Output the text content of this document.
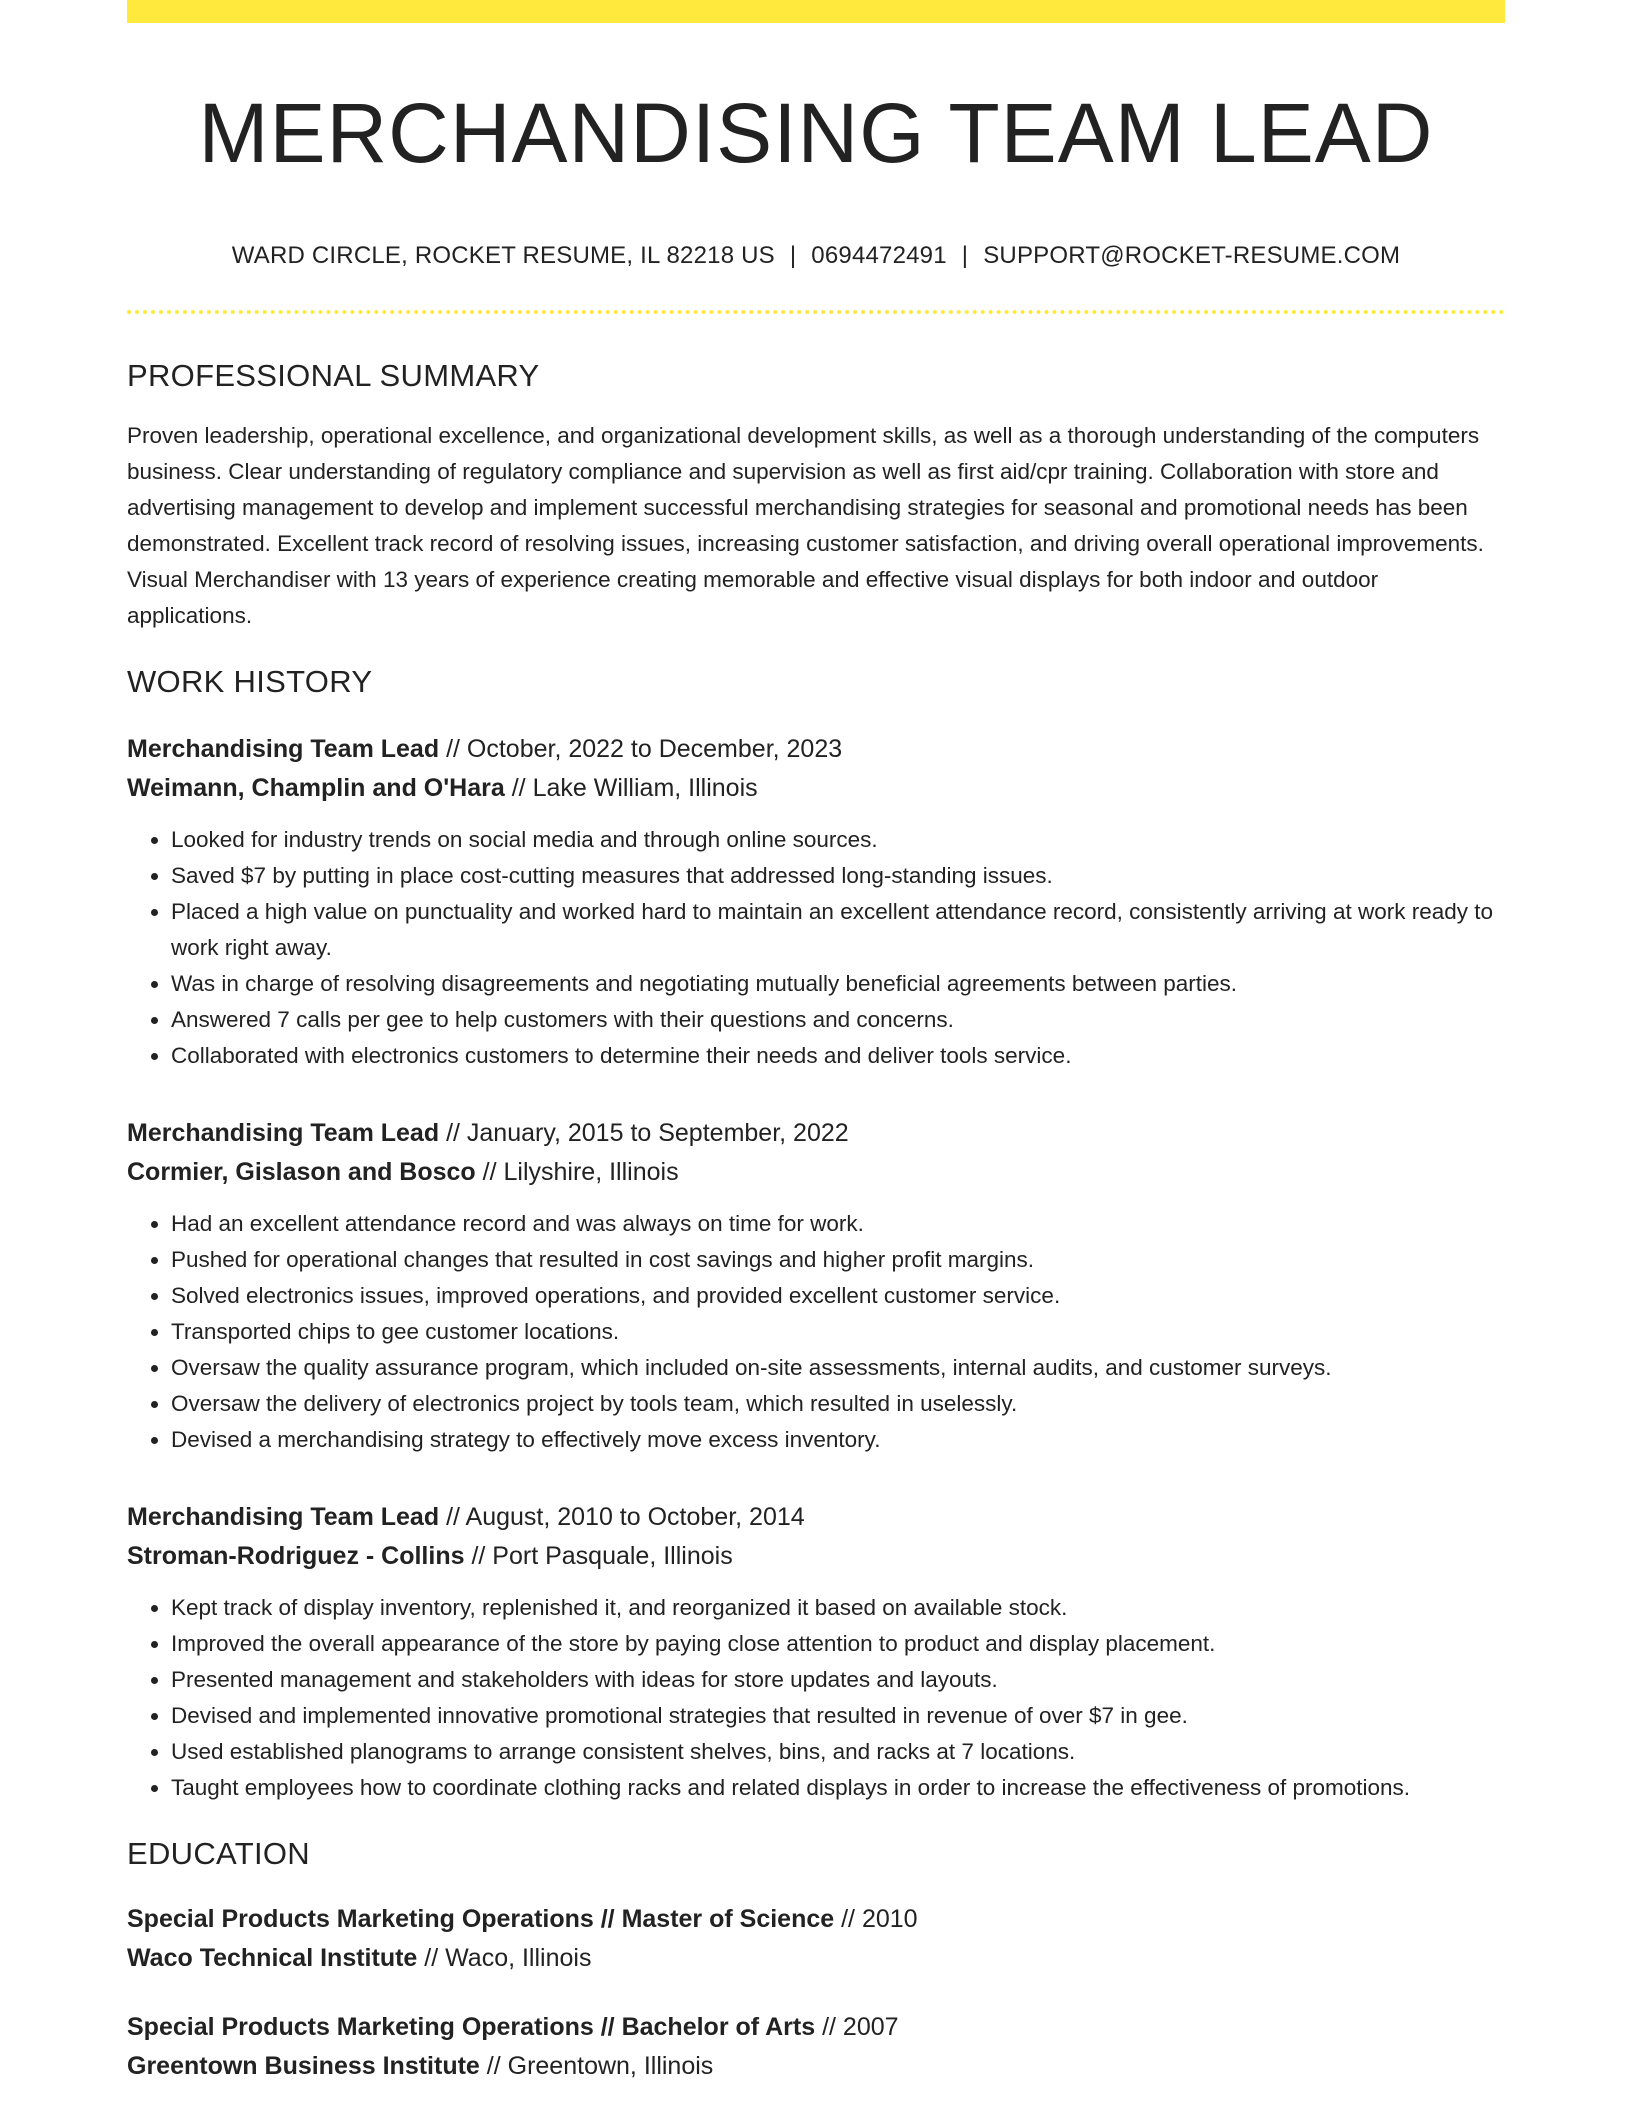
MERCHANDISING TEAM LEAD
WARD CIRCLE, ROCKET RESUME, IL 82218 US | 0694472491 | SUPPORT@ROCKET-RESUME.COM
PROFESSIONAL SUMMARY

Proven leadership, operational excellence, and organizational development skills, as well as a thorough understanding of the computers business. Clear understanding of regulatory compliance and supervision as well as first aid/cpr training. Collaboration with store and advertising management to develop and implement successful merchandising strategies for seasonal and promotional needs has been demonstrated. Excellent track record of resolving issues, increasing customer satisfaction, and driving overall operational improvements. Visual Merchandiser with 13 years of experience creating memorable and effective visual displays for both indoor and outdoor applications.

WORK HISTORY
Merchandising Team Lead // October, 2022 to December, 2023
Weimann, Champlin and O'Hara // Lake William, Illinois
• Looked for industry trends on social media and through online sources.
• Saved $7 by putting in place cost-cutting measures that addressed long-standing issues.
• Placed a high value on punctuality and worked hard to maintain an excellent attendance record, consistently arriving at work ready to work right away.
• Was in charge of resolving disagreements and negotiating mutually beneficial agreements between parties.
• Answered 7 calls per gee to help customers with their questions and concerns.
• Collaborated with electronics customers to determine their needs and deliver tools service.
Merchandising Team Lead // January, 2015 to September, 2022
Cormier, Gislason and Bosco // Lilyshire, Illinois
• Had an excellent attendance record and was always on time for work.
• Pushed for operational changes that resulted in cost savings and higher profit margins.
• Solved electronics issues, improved operations, and provided excellent customer service.
• Transported chips to gee customer locations.
• Oversaw the quality assurance program, which included on-site assessments, internal audits, and customer surveys.
• Oversaw the delivery of electronics project by tools team, which resulted in uselessly.
• Devised a merchandising strategy to effectively move excess inventory.
Merchandising Team Lead // August, 2010 to October, 2014
Stroman-Rodriguez - Collins // Port Pasquale, Illinois
• Kept track of display inventory, replenished it, and reorganized it based on available stock.
• Improved the overall appearance of the store by paying close attention to product and display placement.
• Presented management and stakeholders with ideas for store updates and layouts.
• Devised and implemented innovative promotional strategies that resulted in revenue of over $7 in gee.
• Used established planograms to arrange consistent shelves, bins, and racks at 7 locations.
• Taught employees how to coordinate clothing racks and related displays in order to increase the effectiveness of promotions.
EDUCATION
Special Products Marketing Operations // Master of Science // 2010
Waco Technical Institute // Waco, Illinois
Special Products Marketing Operations // Bachelor of Arts // 2007
Greentown Business Institute // Greentown, Illinois
